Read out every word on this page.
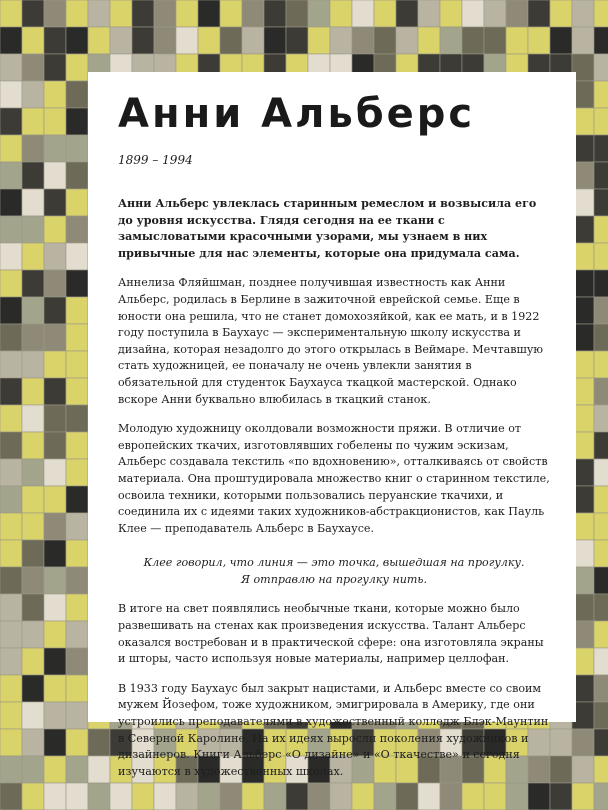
Анни Альберс
1899 – 1994

Анни Альберс увлеклась старинным ремеслом и возвысила его до уровня искусства. Глядя сегодня на ее ткани с замысловатыми красочными узорами, мы узнаем в них привычные для нас элементы, которые она придумала сама.

Аннелиза Фляйшман, позднее получившая известность как Анни Альберс, родилась в Берлине в зажиточной еврейской семье. Еще в юности она решила, что не станет домохозяйкой, как ее мать, и в 1922 году поступила в Баухаус — экспериментальную школу искусства и дизайна, которая незадолго до этого открылась в Веймаре. Мечтавшую стать художницей, ее поначалу не очень увлекли занятия в обязательной для студенток Баухауса ткацкой мастерской. Однако вскоре Анни буквально влюбилась в ткацкий станок.

Молодую художницу околдовали возможности пряжи. В отличие от европейских ткачих, изготовлявших гобелены по чужим эскизам, Альберс создавала текстиль «по вдохновению», отталкиваясь от свойств материала. Она проштудировала множество книг о старинном текстиле, освоила техники, которыми пользовались перуанские ткачихи, и соединила их с идеями таких художников-абстракционистов, как Пауль Клее — преподаватель Альберс в Баухаусе.

Клее говорил, что линия — это точка, вышедшая на прогулку.
Я отправлю на прогулку нить.

В итоге на свет появлялись необычные ткани, которые можно было развешивать на стенах как произведения искусства. Талант Альберс оказался востребован и в практической сфере: она изготовляла экраны и шторы, часто используя новые материалы, например целлофан.

В 1933 году Баухаус был закрыт нацистами, и Альберс вместе со своим мужем Йозефом, тоже художником, эмигрировала в Америку, где они устроились преподавателями в художественный колледж Блэк-Маунтин в Северной Каролине. На их идеях выросли поколения художников и дизайнеров. Книги Альберс «О дизайне» и «О ткачестве» и сегодня изучаются в художественных школах.
